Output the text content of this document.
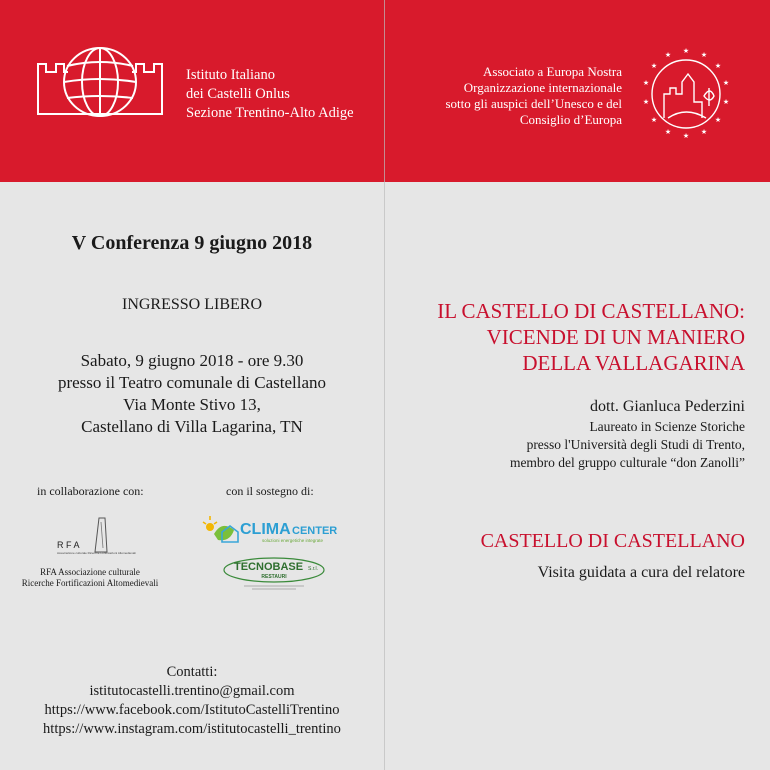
Istituto Italiano
dei Castelli Onlus
Sezione Trentino-Alto Adige
Associato a Europa Nostra
Organizzazione internazionale
sotto gli auspici dell’Unesco e del
Consiglio d’Europa
★ ★
★
★
★
★
★
★
★
★
★
★
★
★
V Conferenza 9 giugno 2018
INGRESSO LIBERO
Sabato, 9 giugno 2018 - ore 9.30
presso il Teatro comunale di Castellano
Via Monte Stivo 13,
Castellano di Villa Lagarina, TN
in collaborazione con:	con il sostegno di:
R F A
Associazione culturale Ricerche Fortificazioni Altomedievali
RFA Associazione culturale
Ricerche Fortificazioni Altomedievali
CLIMA CENTER
soluzioni energetiche integrate
TECNOBASE S.r.l.
RESTAURI
Contatti:
istitutocastelli.trentino@gmail.com
https://www.facebook.com/IstitutoCastelliTrentino
https://www.instagram.com/istitutocastelli_trentino
IL CASTELLO DI CASTELLANO:
VICENDE DI UN MANIERO
DELLA VALLAGARINA
dott. Gianluca Pederzini
Laureato in Scienze Storiche
presso l'Università degli Studi di Trento,
membro del gruppo culturale “don Zanolli”
CASTELLO DI CASTELLANO
Visita guidata a cura del relatore
